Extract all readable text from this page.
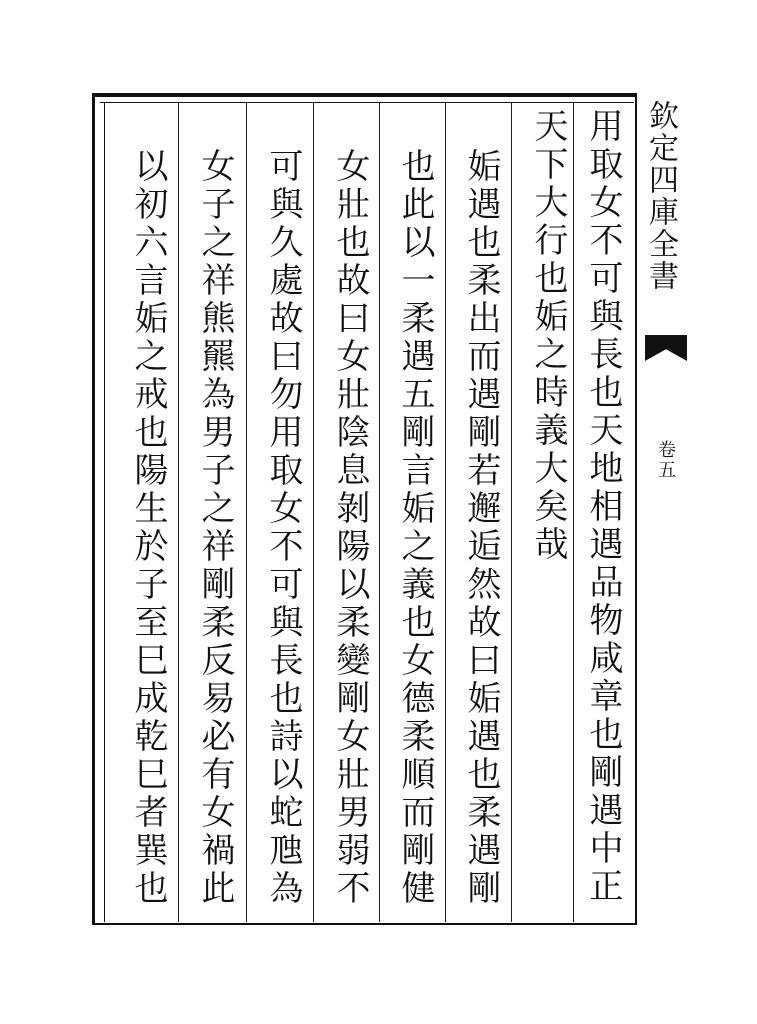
用取女不可與長也天地相遇品物咸章也剛遇中正
天下大行也姤之時義大矣哉
姤遇也柔出而遇剛若邂逅然故曰姤遇也柔遇剛
也此以一柔遇五剛言姤之義也女德柔順而剛健
女壯也故曰女壯陰息剝陽以柔變剛女壯男弱不
可與久處故曰勿用取女不可與長也詩以蛇虺為
女子之祥熊羆為男子之祥剛柔反易必有女禍此
以初六言姤之戒也陽生於子至巳成乾巳者巽也	欽定四庫全書
卷五
